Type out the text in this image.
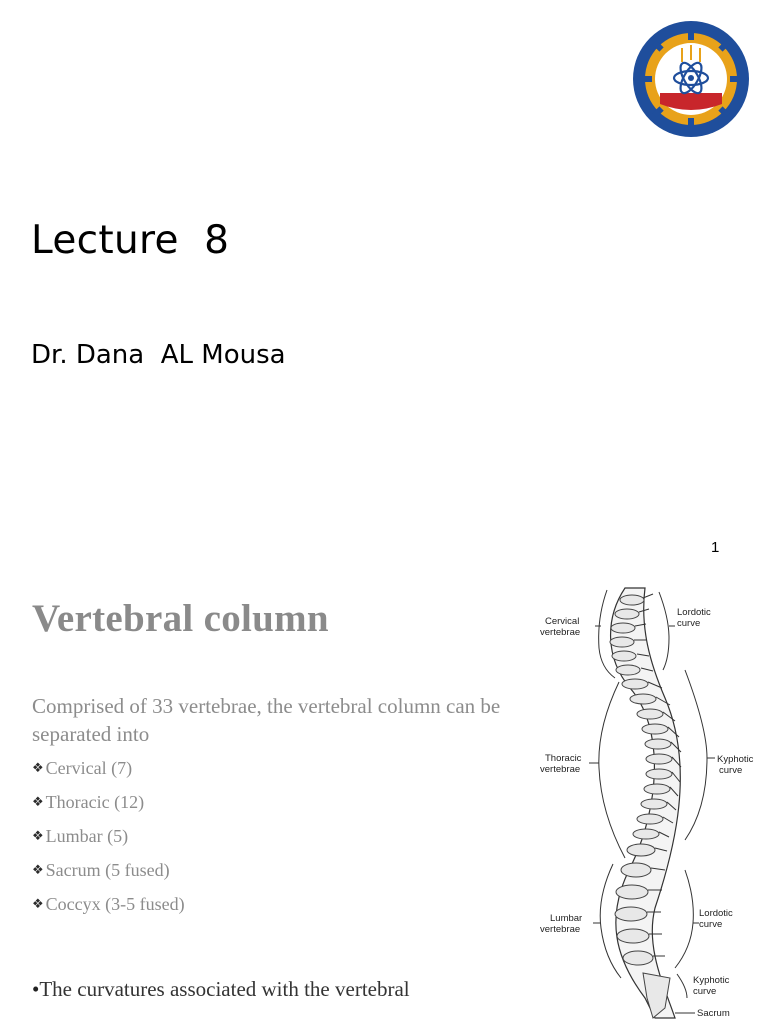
Lecture  8
Dr. Dana  AL Mousa
1
Vertebral column
Comprised of 33 vertebrae, the vertebral column can be separated into
❖ Cervical (7)
❖ Thoracic (12)
❖ Lumbar (5)
❖ Sacrum (5 fused)
❖ Coccyx (3-5 fused)
•The curvatures associated with the vertebral
Cervical
vertebrae
Thoracic
vertebrae
Lumbar
vertebrae
Lordotic
curve
Kyphotic
curve
Lordotic
curve
Kyphotic
curve
Sacrum
